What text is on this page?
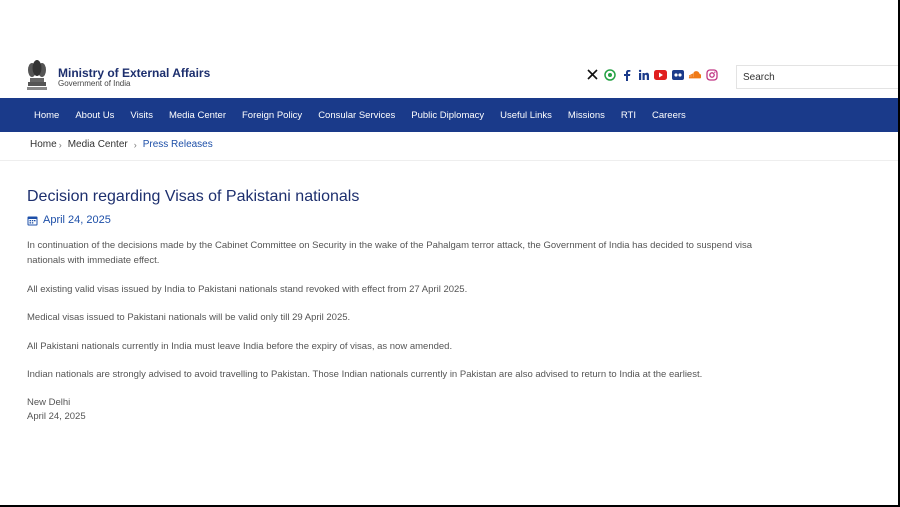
Ministry of External Affairs
Government of India
Search
Home	About Us	Visits	Media Center	Foreign Policy	Consular Services	Public Diplomacy	Useful Links	Missions	RTI	Careers
Home › Media Center › Press Releases
Decision regarding Visas of Pakistani nationals
April 24, 2025
In continuation of the decisions made by the Cabinet Committee on Security in the wake of the Pahalgam terror attack, the Government of India has decided to suspend visa
nationals with immediate effect.
All existing valid visas issued by India to Pakistani nationals stand revoked with effect from 27 April 2025.
Medical visas issued to Pakistani nationals will be valid only till 29 April 2025.
All Pakistani nationals currently in India must leave India before the expiry of visas, as now amended.
Indian nationals are strongly advised to avoid travelling to Pakistan. Those Indian nationals currently in Pakistan are also advised to return to India at the earliest.
New Delhi
April 24, 2025
